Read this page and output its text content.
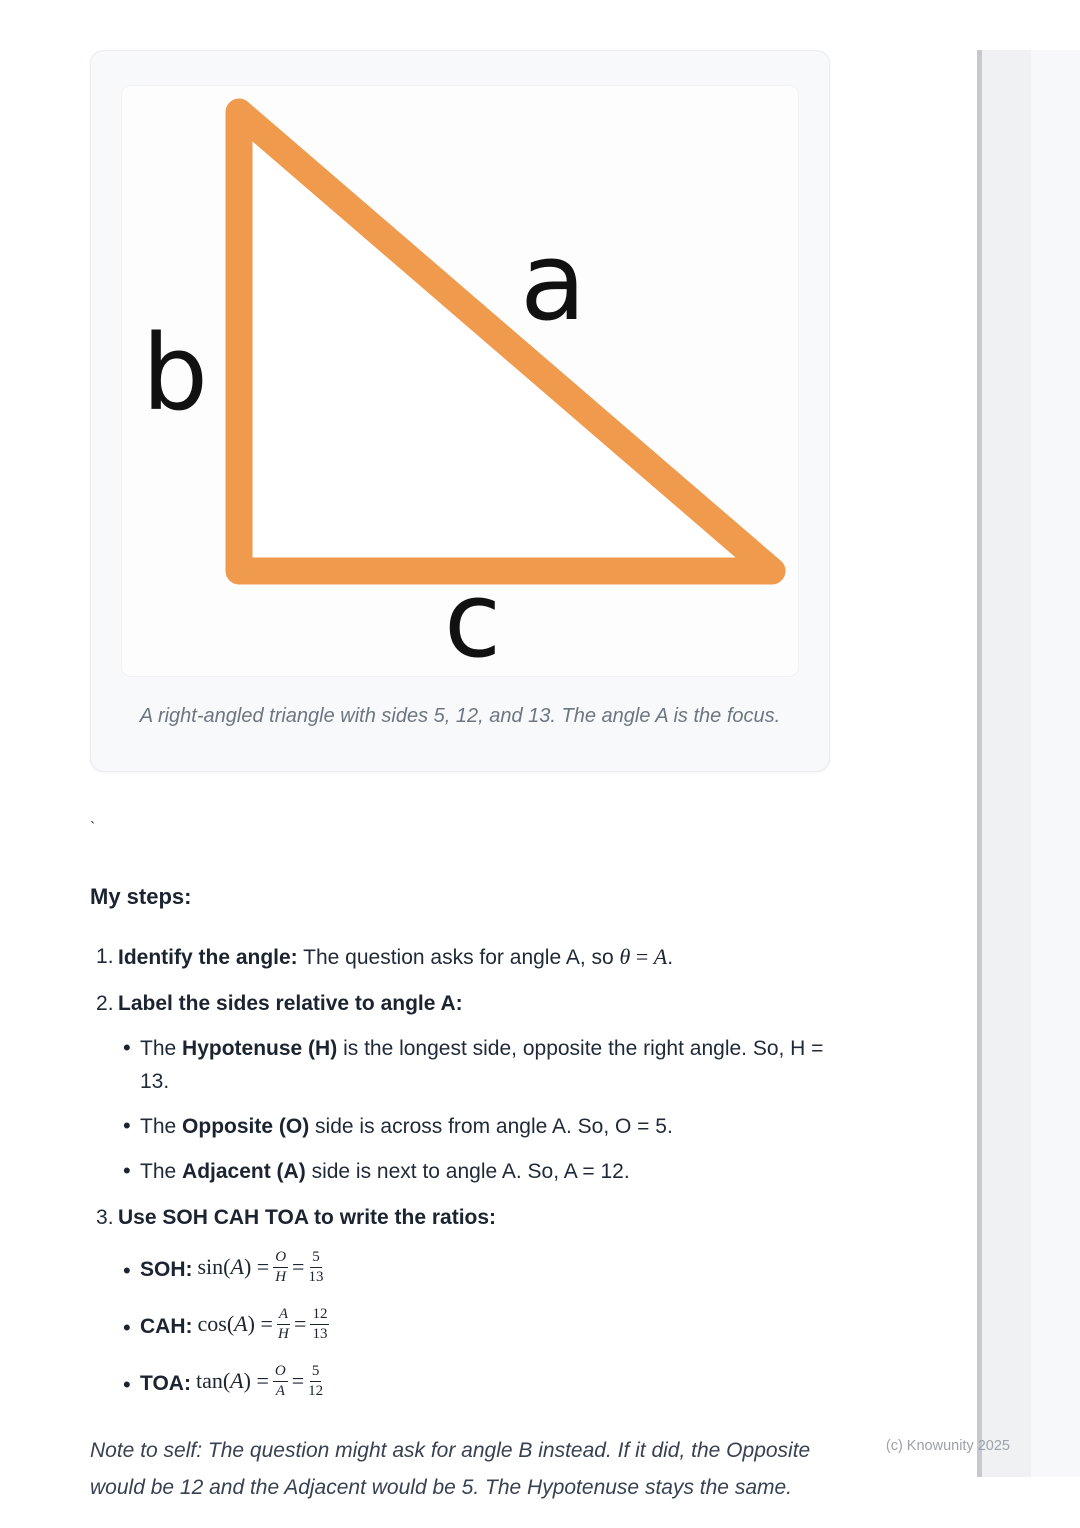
b
a
c
A right-angled triangle with sides 5, 12, and 13. The angle A is the focus.
`
My steps:
Identify the angle: The question asks for angle A, so θ = A.
Label the sides relative to angle A:
• The Hypotenuse (H) is the longest side, opposite the right angle. So, H = 13.
• The Opposite (O) side is across from angle A. So, O = 5.
• The Adjacent (A) side is next to angle A. So, A = 12.
Use SOH CAH TOA to write the ratios:
• SOH: $\sin(A) = \frac{O}{H} = \frac{5}{13}$
• CAH: $\cos(A) = \frac{A}{H} = \frac{12}{13}$
• TOA: $\tan(A) = \frac{O}{A} = \frac{5}{12}$
Note to self: The question might ask for angle B instead. If it did, the Opposite would be 12 and the Adjacent would be 5. The Hypotenuse stays the same.
(c) Knowunity 2025
